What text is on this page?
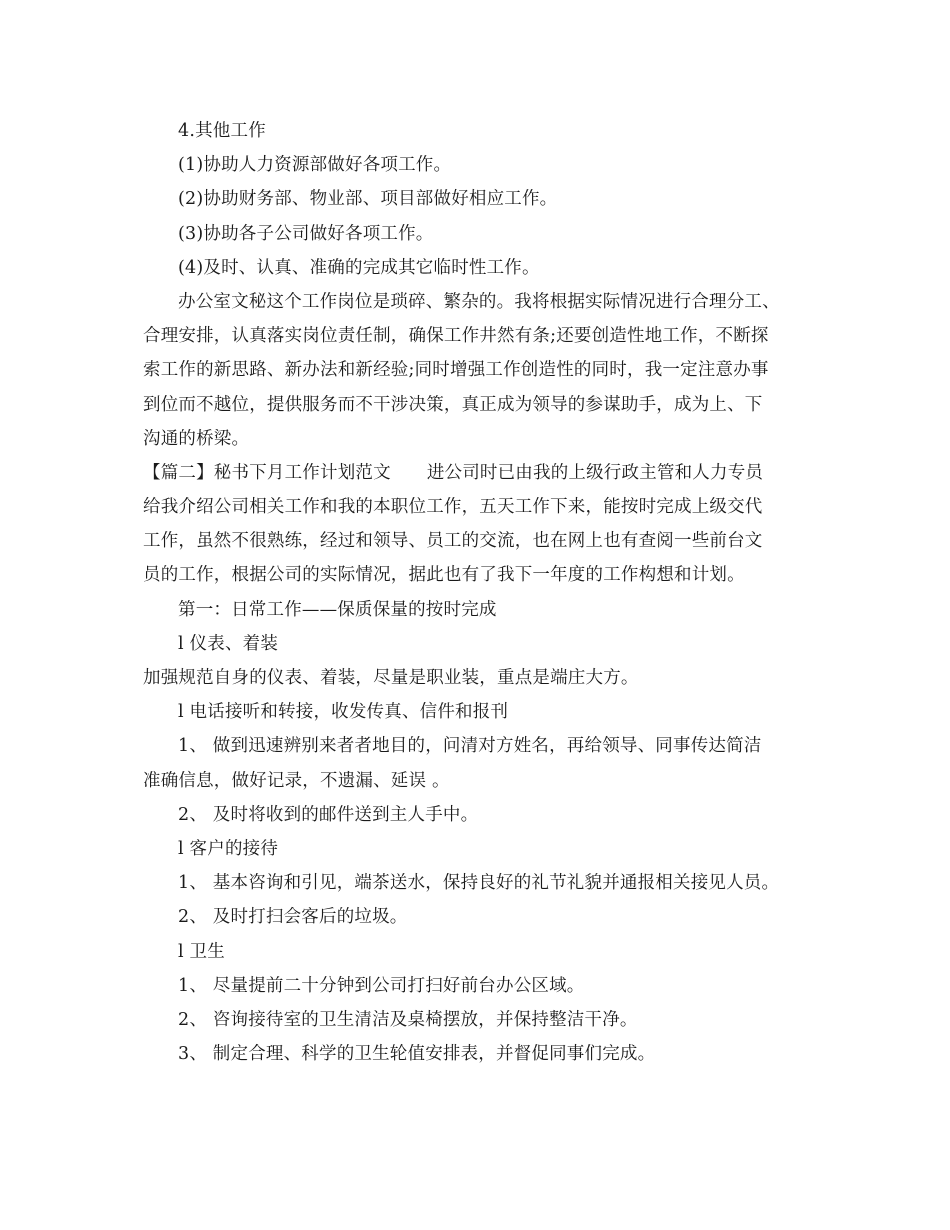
4.其他工作
(1)协助人力资源部做好各项工作。
(2)协助财务部、物业部、项目部做好相应工作。
(3)协助各子公司做好各项工作。
(4)及时、认真、准确的完成其它临时性工作。
办公室文秘这个工作岗位是琐碎、繁杂的。我将根据实际情况进行合理分工、
合理安排，认真落实岗位责任制，确保工作井然有条;还要创造性地工作，不断探
索工作的新思路、新办法和新经验;同时增强工作创造性的同时，我一定注意办事
到位而不越位，提供服务而不干涉决策，真正成为领导的参谋助手，成为上、下
沟通的桥梁。
【篇二】秘书下月工作计划范文 进公司时已由我的上级行政主管和人力专员
给我介绍公司相关工作和我的本职位工作，五天工作下来，能按时完成上级交代
工作，虽然不很熟练，经过和领导、员工的交流，也在网上也有查阅一些前台文
员的工作，根据公司的实际情况，据此也有了我下一年度的工作构想和计划。
第一：日常工作——保质保量的按时完成
l 仪表、着装
加强规范自身的仪表、着装，尽量是职业装，重点是端庄大方。
l 电话接听和转接，收发传真、信件和报刊
1、 做到迅速辨别来者者地目的，问清对方姓名，再给领导、同事传达简洁
准确信息，做好记录，不遗漏、延误 。
2、 及时将收到的邮件送到主人手中。
l 客户的接待
1、 基本咨询和引见，端茶送水，保持良好的礼节礼貌并通报相关接见人员。
2、 及时打扫会客后的垃圾。
l 卫生
1、 尽量提前二十分钟到公司打扫好前台办公区域。
2、 咨询接待室的卫生清洁及桌椅摆放，并保持整洁干净。
3、 制定合理、科学的卫生轮值安排表，并督促同事们完成。
